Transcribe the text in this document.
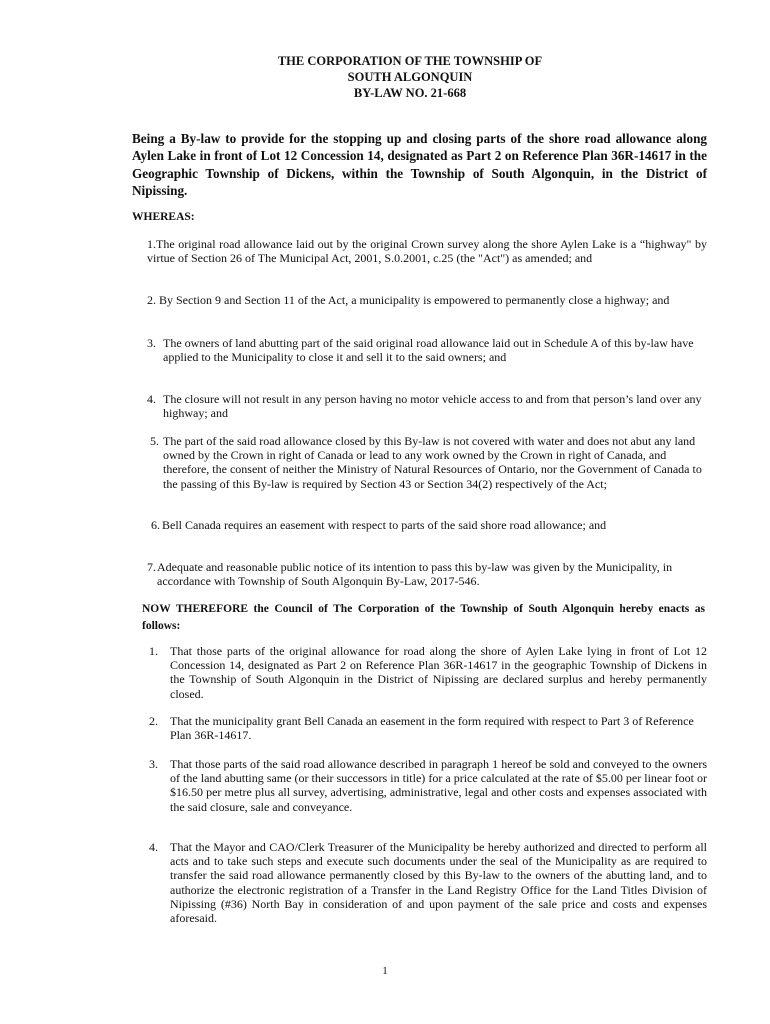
THE CORPORATION OF THE TOWNSHIP OF
SOUTH ALGONQUIN
BY-LAW NO. 21-668
Being a By-law to provide for the stopping up and closing parts of the shore road allowance along Aylen Lake in front of Lot 12 Concession 14, designated as Part 2 on Reference Plan 36R-14617 in the Geographic Township of Dickens, within the Township of South Algonquin, in the District of Nipissing.
WHEREAS:
1.The original road allowance laid out by the original Crown survey along the shore Aylen Lake is a “highway" by virtue of Section 26 of The Municipal Act, 2001, S.0.2001, c.25 (the "Act") as amended; and
2. By Section 9 and Section 11 of the Act, a municipality is empowered to permanently close a highway; and
3. The owners of land abutting part of the said original road allowance laid out in Schedule A of this by-law have applied to the Municipality to close it and sell it to the said owners; and
4. The closure will not result in any person having no motor vehicle access to and from that person’s land over any highway; and
5. The part of the said road allowance closed by this By-law is not covered with water and does not abut any land owned by the Crown in right of Canada or lead to any work owned by the Crown in right of Canada, and therefore, the consent of neither the Ministry of Natural Resources of Ontario, nor the Government of Canada to the passing of this By-law is required by Section 43 or Section 34(2) respectively of the Act;
6. Bell Canada requires an easement with respect to parts of the said shore road allowance; and
7. Adequate and reasonable public notice of its intention to pass this by-law was given by the Municipality, in accordance with Township of South Algonquin By-Law, 2017-546.
NOW THEREFORE the Council of The Corporation of the Township of South Algonquin hereby enacts as follows:
1. That those parts of the original allowance for road along the shore of Aylen Lake lying in front of Lot 12 Concession 14, designated as Part 2 on Reference Plan 36R-14617 in the geographic Township of Dickens in the Township of South Algonquin in the District of Nipissing are declared surplus and hereby permanently closed.
2. That the municipality grant Bell Canada an easement in the form required with respect to Part 3 of Reference Plan 36R-14617.
3. That those parts of the said road allowance described in paragraph 1 hereof be sold and conveyed to the owners of the land abutting same (or their successors in title) for a price calculated at the rate of $5.00 per linear foot or $16.50 per metre plus all survey, advertising, administrative, legal and other costs and expenses associated with the said closure, sale and conveyance.
4. That the Mayor and CAO/Clerk Treasurer of the Municipality be hereby authorized and directed to perform all acts and to take such steps and execute such documents under the seal of the Municipality as are required to transfer the said road allowance permanently closed by this By-law to the owners of the abutting land, and to authorize the electronic registration of a Transfer in the Land Registry Office for the Land Titles Division of Nipissing (#36) North Bay in consideration of and upon payment of the sale price and costs and expenses aforesaid.
1
